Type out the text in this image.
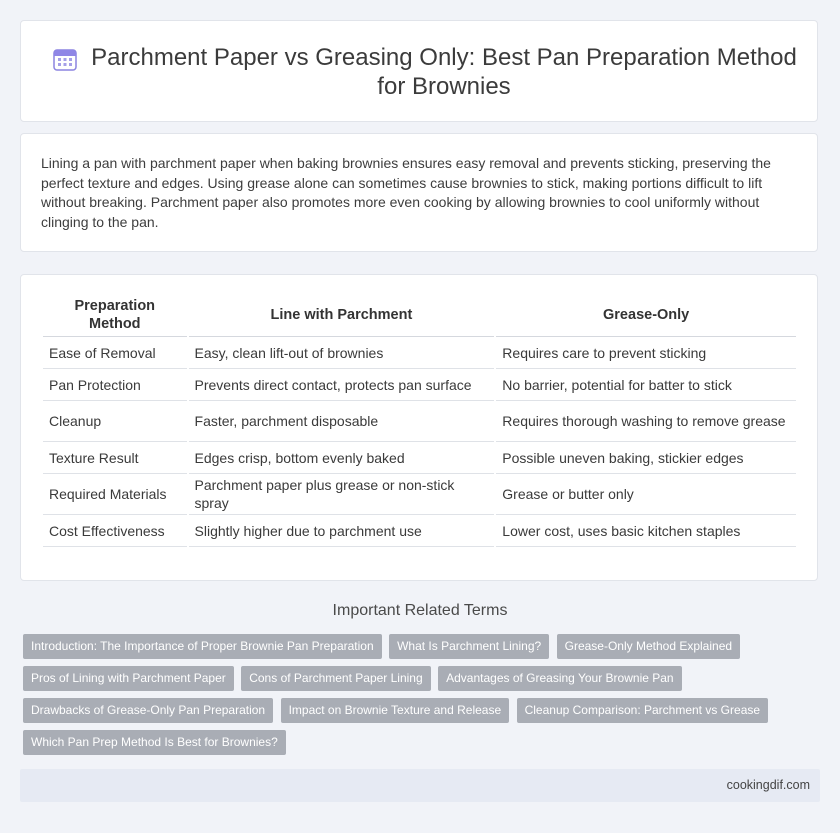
Parchment Paper vs Greasing Only: Best Pan Preparation Method for Brownies

Lining a pan with parchment paper when baking brownies ensures easy removal and prevents sticking, preserving the perfect texture and edges. Using grease alone can sometimes cause brownies to stick, making portions difficult to lift without breaking. Parchment paper also promotes more even cooking by allowing brownies to cool uniformly without clinging to the pan.

Preparation Method	Line with Parchment	Grease-Only
Ease of Removal	Easy, clean lift-out of brownies	Requires care to prevent sticking
Pan Protection	Prevents direct contact, protects pan surface	No barrier, potential for batter to stick
Cleanup	Faster, parchment disposable	Requires thorough washing to remove grease
Texture Result	Edges crisp, bottom evenly baked	Possible uneven baking, stickier edges
Required Materials	Parchment paper plus grease or non-stick spray	Grease or butter only
Cost Effectiveness	Slightly higher due to parchment use	Lower cost, uses basic kitchen staples
Important Related Terms
Introduction: The Importance of Proper Brownie Pan Preparation What Is Parchment Lining? Grease-Only Method Explained Pros of Lining with Parchment Paper Cons of Parchment Paper Lining Advantages of Greasing Your Brownie Pan Drawbacks of Grease-Only Pan Preparation Impact on Brownie Texture and Release Cleanup Comparison: Parchment vs Grease Which Pan Prep Method Is Best for Brownies?
cookingdif.com
